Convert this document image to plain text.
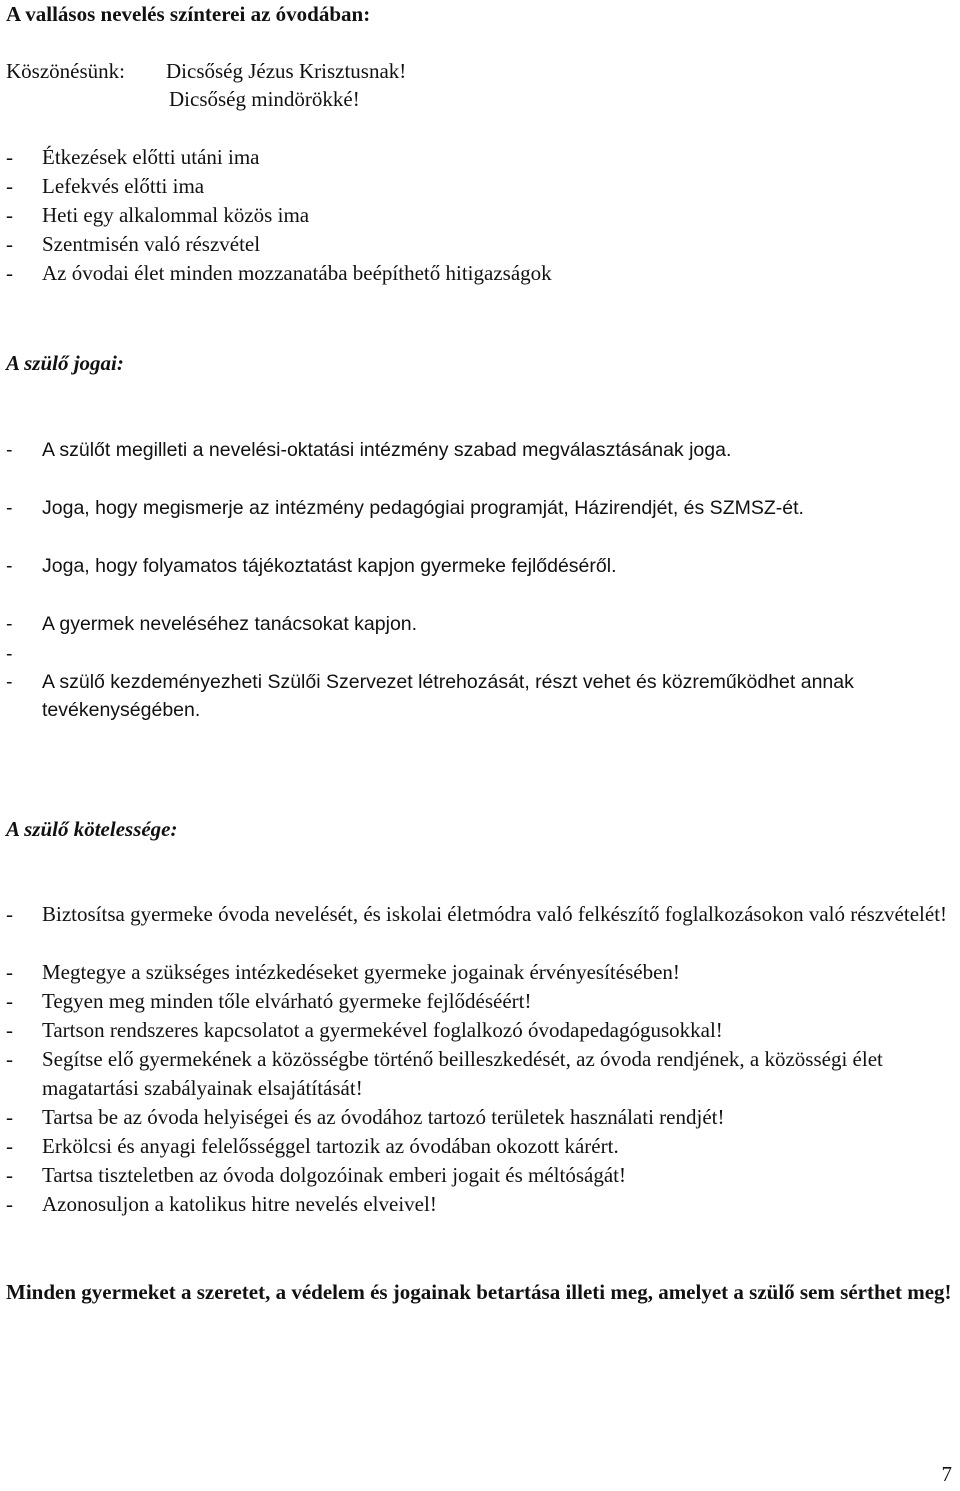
A vallásos nevelés színterei az óvodában:
Köszönésünk: Dicsőség Jézus Krisztusnak!
Dicsőség mindörökké!
- Étkezések előtti utáni ima
- Lefekvés előtti ima
- Heti egy alkalommal közös ima
- Szentmisén való részvétel
- Az óvodai élet minden mozzanatába beépíthető hitigazságok
A szülő jogai:
- A szülőt megilleti a nevelési-oktatási intézmény szabad megválasztásának joga.
- Joga, hogy megismerje az intézmény pedagógiai programját, Házirendjét, és SZMSZ-ét.
- Joga, hogy folyamatos tájékoztatást kapjon gyermeke fejlődéséről.
- A gyermek neveléséhez tanácsokat kapjon.
-
- A szülő kezdeményezheti Szülői Szervezet létrehozását, részt vehet és közreműködhet annak tevékenységében.
A szülő kötelessége:
- Biztosítsa gyermeke óvoda nevelését, és iskolai életmódra való felkészítő foglalkozásokon való részvételét!
- Megtegye a szükséges intézkedéseket gyermeke jogainak érvényesítésében!
- Tegyen meg minden tőle elvárható gyermeke fejlődéséért!
- Tartson rendszeres kapcsolatot a gyermekével foglalkozó óvodapedagógusokkal!
- Segítse elő gyermekének a közösségbe történő beilleszkedését, az óvoda rendjének, a közösségi élet magatartási szabályainak elsajátítását!
- Tartsa be az óvoda helyiségei és az óvodához tartozó területek használati rendjét!
- Erkölcsi és anyagi felelősséggel tartozik az óvodában okozott kárért.
- Tartsa tiszteletben az óvoda dolgozóinak emberi jogait és méltóságát!
- Azonosuljon a katolikus hitre nevelés elveivel!
Minden gyermeket a szeretet, a védelem és jogainak betartása illeti meg, amelyet a szülő sem sérthet meg!
7
